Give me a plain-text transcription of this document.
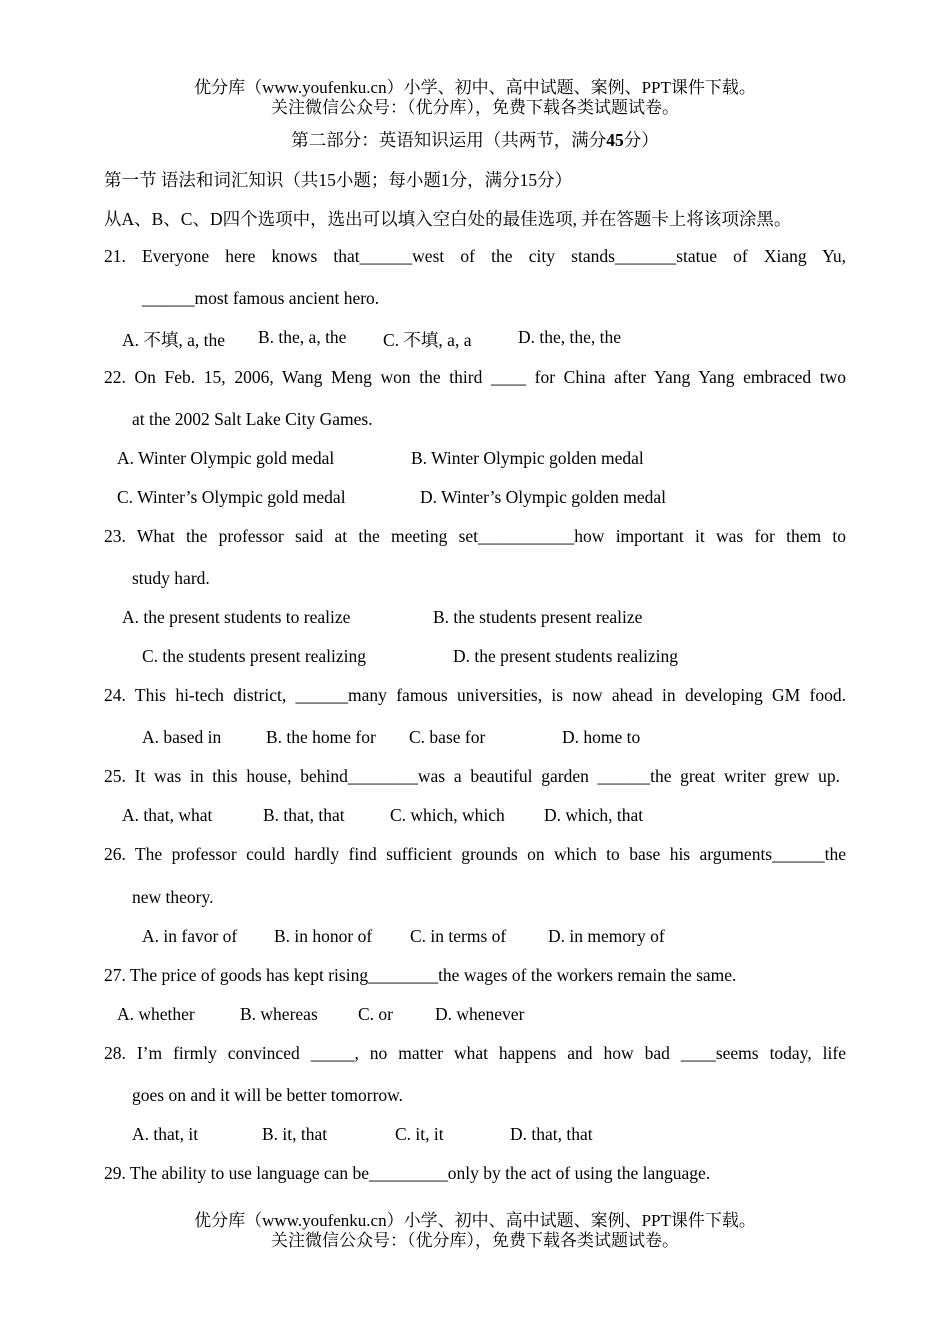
优分库（www.youfenku.cn）小学、初中、高中试题、案例、PPT课件下载。
关注微信公众号：（优分库），免费下载各类试题试卷。
第二部分：英语知识运用（共两节，满分45分）
第一节 语法和词汇知识（共15小题；每小题1分，满分15分）
从A、B、C、D四个选项中，选出可以填入空白处的最佳选项, 并在答题卡上将该项涂黑。
21. Everyone here knows that______west of the city stands_______statue of Xiang Yu,
______most famous ancient hero.
A. 不填, a, the B. the, a, the C. 不填, a, a	D. the, the, the
22. On Feb. 15, 2006, Wang Meng won the third ____ for China after Yang Yang embraced two
at the 2002 Salt Lake City Games.
A. Winter Olympic gold medal	B. Winter Olympic golden medal
C. Winter’s Olympic gold medal	D. Winter’s Olympic golden medal
23. What the professor said at the meeting set___________how important it was for them to
study hard.
A. the present students to realize	B. the students present realize
C. the students present realizing	D. the present students realizing
24. This hi-tech district, ______many famous universities, is now ahead in developing GM food.
A. based in	B. the home for C. base for	D. home to
25. It was in this house, behind________was a beautiful garden ______the great writer grew up.
A. that, what	B. that, that	C. which, which D. which, that
26. The professor could hardly find sufficient grounds on which to base his arguments______the
new theory.
A. in favor of B. in honor of C. in terms of D. in memory of
27. The price of goods has kept rising________the wages of the workers remain the same.
A. whether	B. whereas C. or D. whenever
28. I’m firmly convinced _____, no matter what happens and how bad ____seems today, life
goes on and it will be better tomorrow.
A. that, it	B. it, that	C. it, it	D. that, that
29. The ability to use language can be_________only by the act of using the language.
优分库（www.youfenku.cn）小学、初中、高中试题、案例、PPT课件下载。
关注微信公众号：（优分库），免费下载各类试题试卷。
